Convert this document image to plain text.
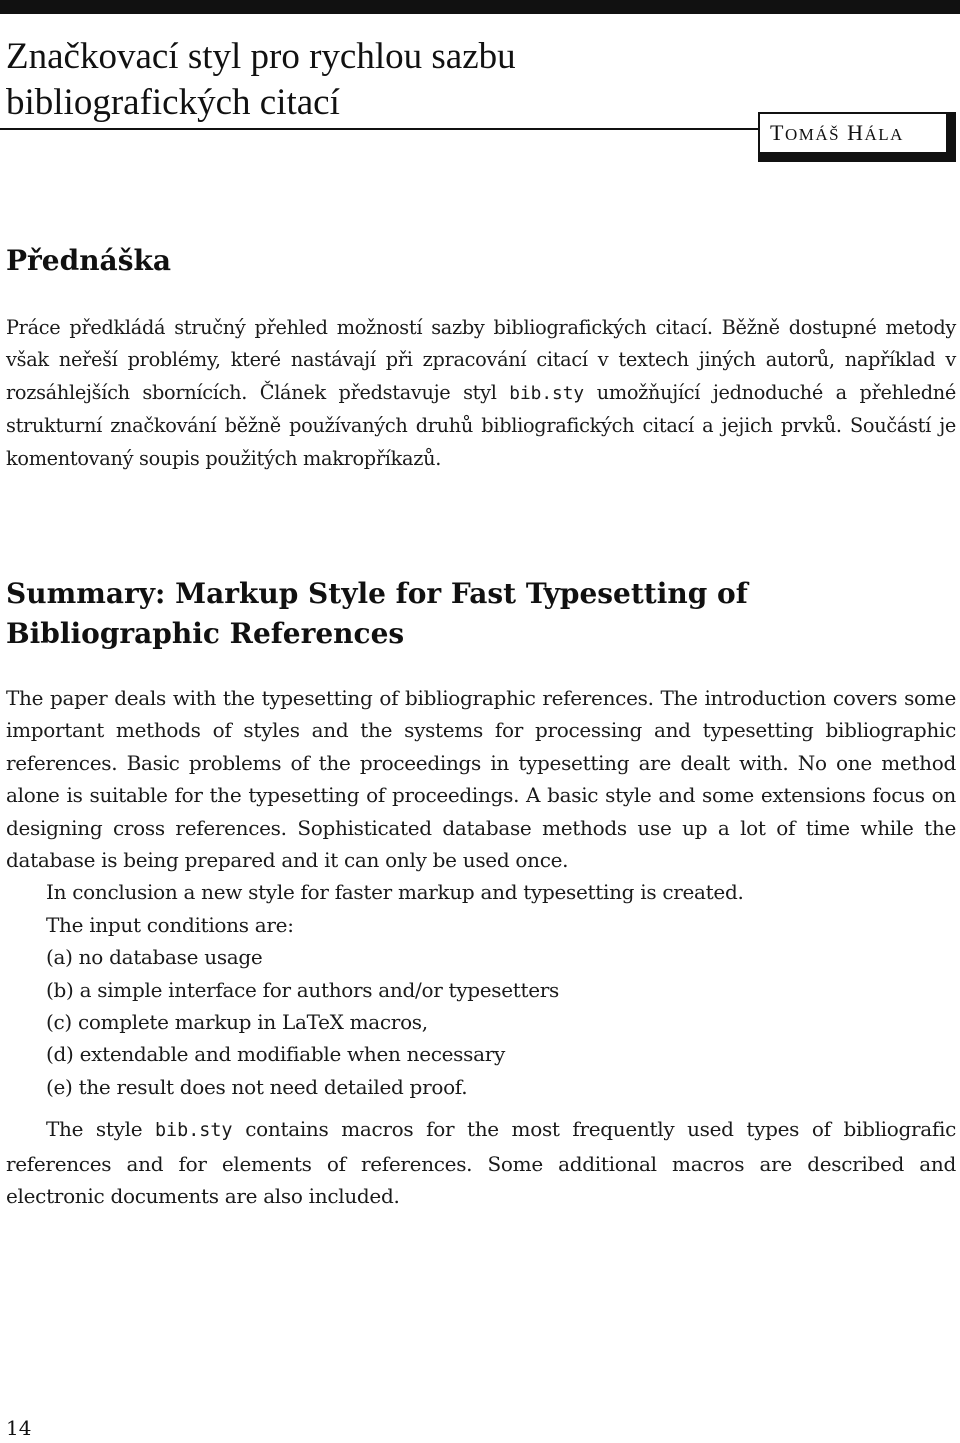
Značkovací styl pro rychlou sazbu
bibliografických citací
TOMÁŠ HÁLA
Přednáška
Práce předkládá stručný přehled možností sazby bibliografických citací. Běžně dostupné metody však neřeší problémy, které nastávají při zpracování citací v textech jiných autorů, například v rozsáhlejších sbornících. Článek představuje styl bib.sty umožňující jednoduché a přehledné strukturní značkování běžně používaných druhů bibliografických citací a jejich prvků. Součástí je komentovaný soupis použitých makropříkazů.
Summary: Markup Style for Fast Typesetting of
Bibliographic References

The paper deals with the typesetting of bibliographic references. The introduction covers some important methods of styles and the systems for processing and typesetting bibliographic references. Basic problems of the proceedings in typesetting are dealt with. No one method alone is suitable for the typesetting of proceedings. A basic style and some extensions focus on designing cross references. Sophisticated database methods use up a lot of time while the database is being prepared and it can only be used once.

In conclusion a new style for faster markup and typesetting is created.

The input conditions are:

(a) no database usage
(b) a simple interface for authors and/or typesetters
(c) complete markup in LaTeX macros,
(d) extendable and modifiable when necessary
(e) the result does not need detailed proof.

The style bib.sty contains macros for the most frequently used types of bibliografic references and for elements of references. Some additional macros are described and electronic documents are also included.

14
